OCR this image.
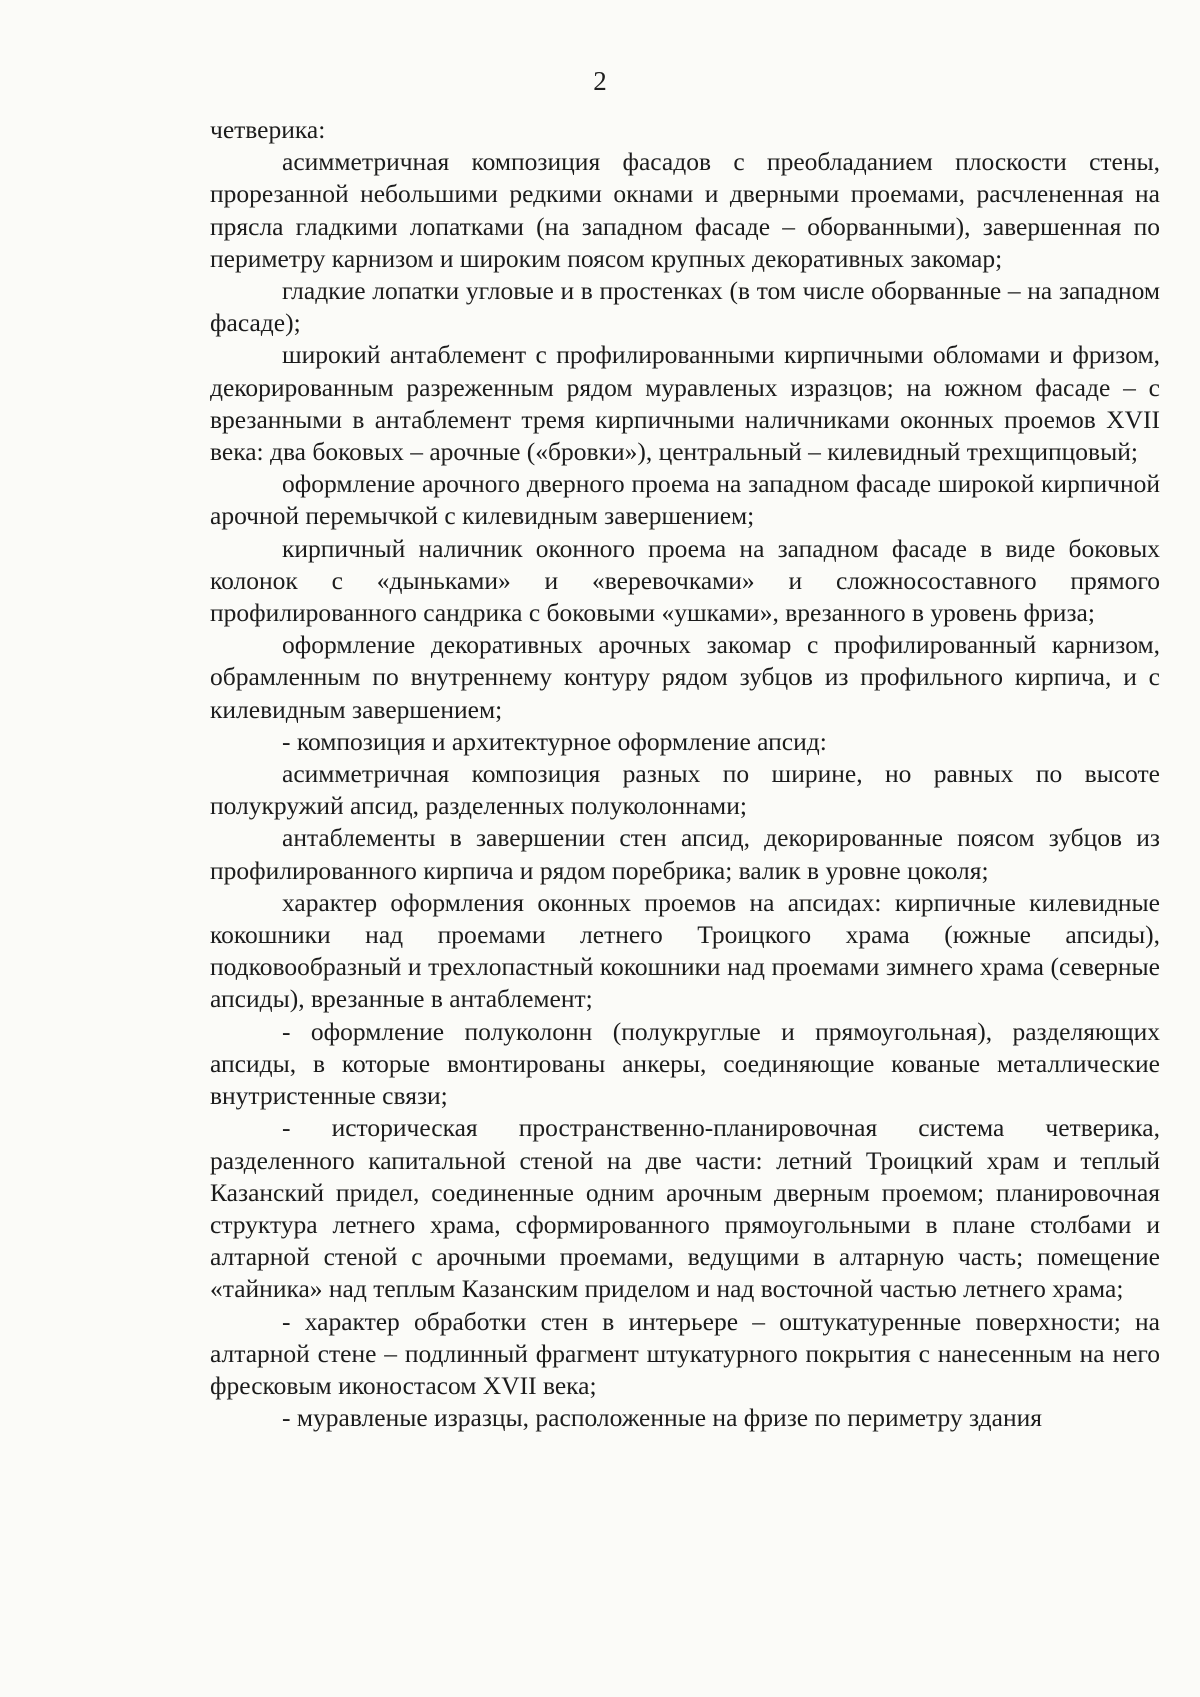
2

четверика:

асимметричная композиция фасадов с преобладанием плоскости стены, прорезанной небольшими редкими окнами и дверными проемами, расчлененная на прясла гладкими лопатками (на западном фасаде – оборванными), завершенная по периметру карнизом и широким поясом крупных декоративных закомар;

гладкие лопатки угловые и в простенках (в том числе оборванные – на западном фасаде);

широкий антаблемент с профилированными кирпичными обломами и фризом, декорированным разреженным рядом муравленых изразцов; на южном фасаде – с врезанными в антаблемент тремя кирпичными наличниками оконных проемов XVII века: два боковых – арочные («бровки»), центральный – килевидный трехщипцовый;

оформление арочного дверного проема на западном фасаде широкой кирпичной арочной перемычкой с килевидным завершением;

кирпичный наличник оконного проема на западном фасаде в виде боковых колонок с «дыньками» и «веревочками» и сложносоставного прямого профилированного сандрика с боковыми «ушками», врезанного в уровень фриза;

оформление декоративных арочных закомар с профилированный карнизом, обрамленным по внутреннему контуру рядом зубцов из профильного кирпича, и с килевидным завершением;

- композиция и архитектурное оформление апсид:

асимметричная композиция разных по ширине, но равных по высоте полукружий апсид, разделенных полуколоннами;

антаблементы в завершении стен апсид, декорированные поясом зубцов из профилированного кирпича и рядом поребрика; валик в уровне цоколя;

характер оформления оконных проемов на апсидах: кирпичные килевидные кокошники над проемами летнего Троицкого храма (южные апсиды), подковообразный и трехлопастный кокошники над проемами зимнего храма (северные апсиды), врезанные в антаблемент;

- оформление полуколонн (полукруглые и прямоугольная), разделяющих апсиды, в которые вмонтированы анкеры, соединяющие кованые металлические внутристенные связи;

- историческая пространственно-планировочная система четверика, разделенного капитальной стеной на две части: летний Троицкий храм и теплый Казанский придел, соединенные одним арочным дверным проемом; планировочная структура летнего храма, сформированного прямоугольными в плане столбами и алтарной стеной с арочными проемами, ведущими в алтарную часть; помещение «тайника» над теплым Казанским приделом и над восточной частью летнего храма;

- характер обработки стен в интерьере – оштукатуренные поверхности; на алтарной стене – подлинный фрагмент штукатурного покрытия с нанесенным на него фресковым иконостасом XVII века;

- муравленые изразцы, расположенные на фризе по периметру здания
